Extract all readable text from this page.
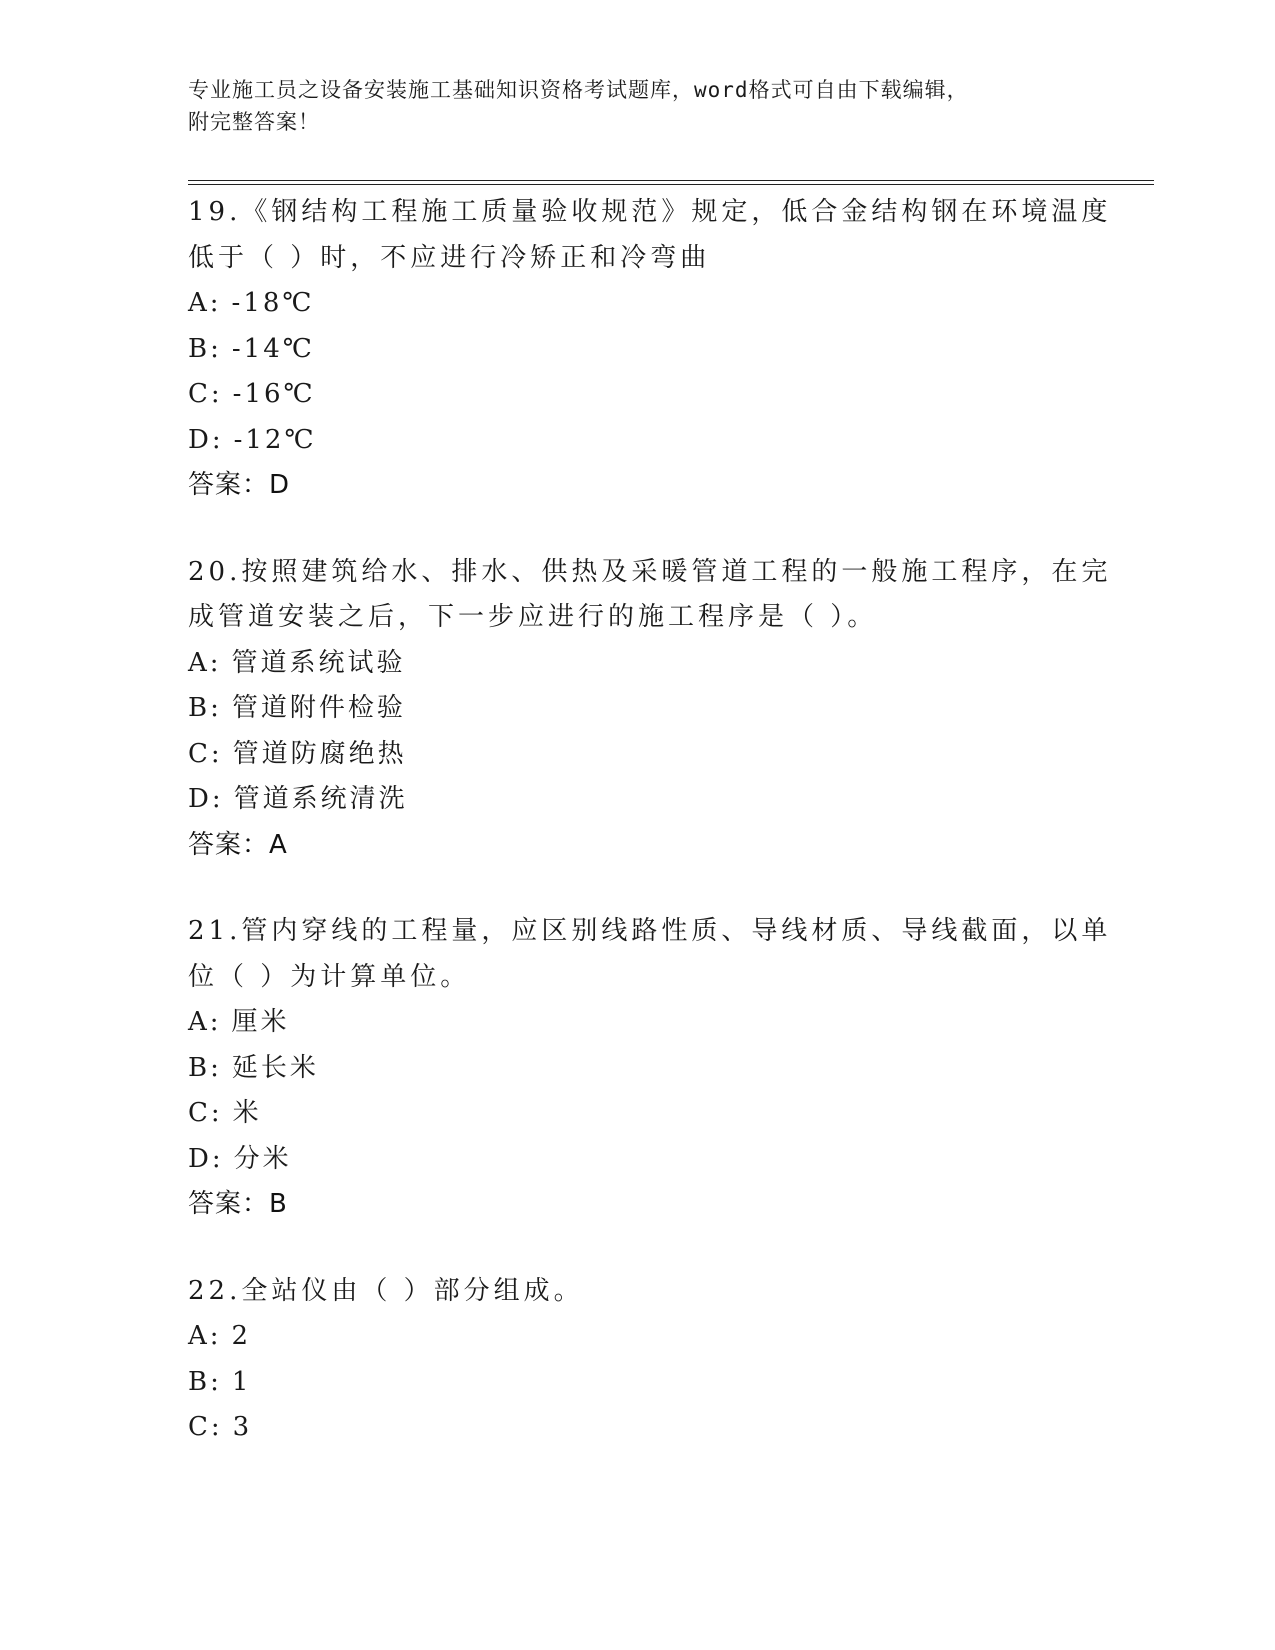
专业施工员之设备安装施工基础知识资格考试题库，word格式可自由下载编辑，
附完整答案！
19.《钢结构工程施工质量验收规范》规定，低合金结构钢在环境温度
低于（ ）时，不应进行冷矫正和冷弯曲
A: -18℃
B: -14℃
C: -16℃
D: -12℃
答案：D
20.按照建筑给水、排水、供热及采暖管道工程的一般施工程序，在完
成管道安装之后，下一步应进行的施工程序是（ ）。
A: 管道系统试验
B: 管道附件检验
C: 管道防腐绝热
D: 管道系统清洗
答案：A
21.管内穿线的工程量，应区别线路性质、导线材质、导线截面，以单
位（ ）为计算单位。
A: 厘米
B: 延长米
C: 米
D: 分米
答案：B
22.全站仪由（ ）部分组成。
A: 2
B: 1
C: 3
